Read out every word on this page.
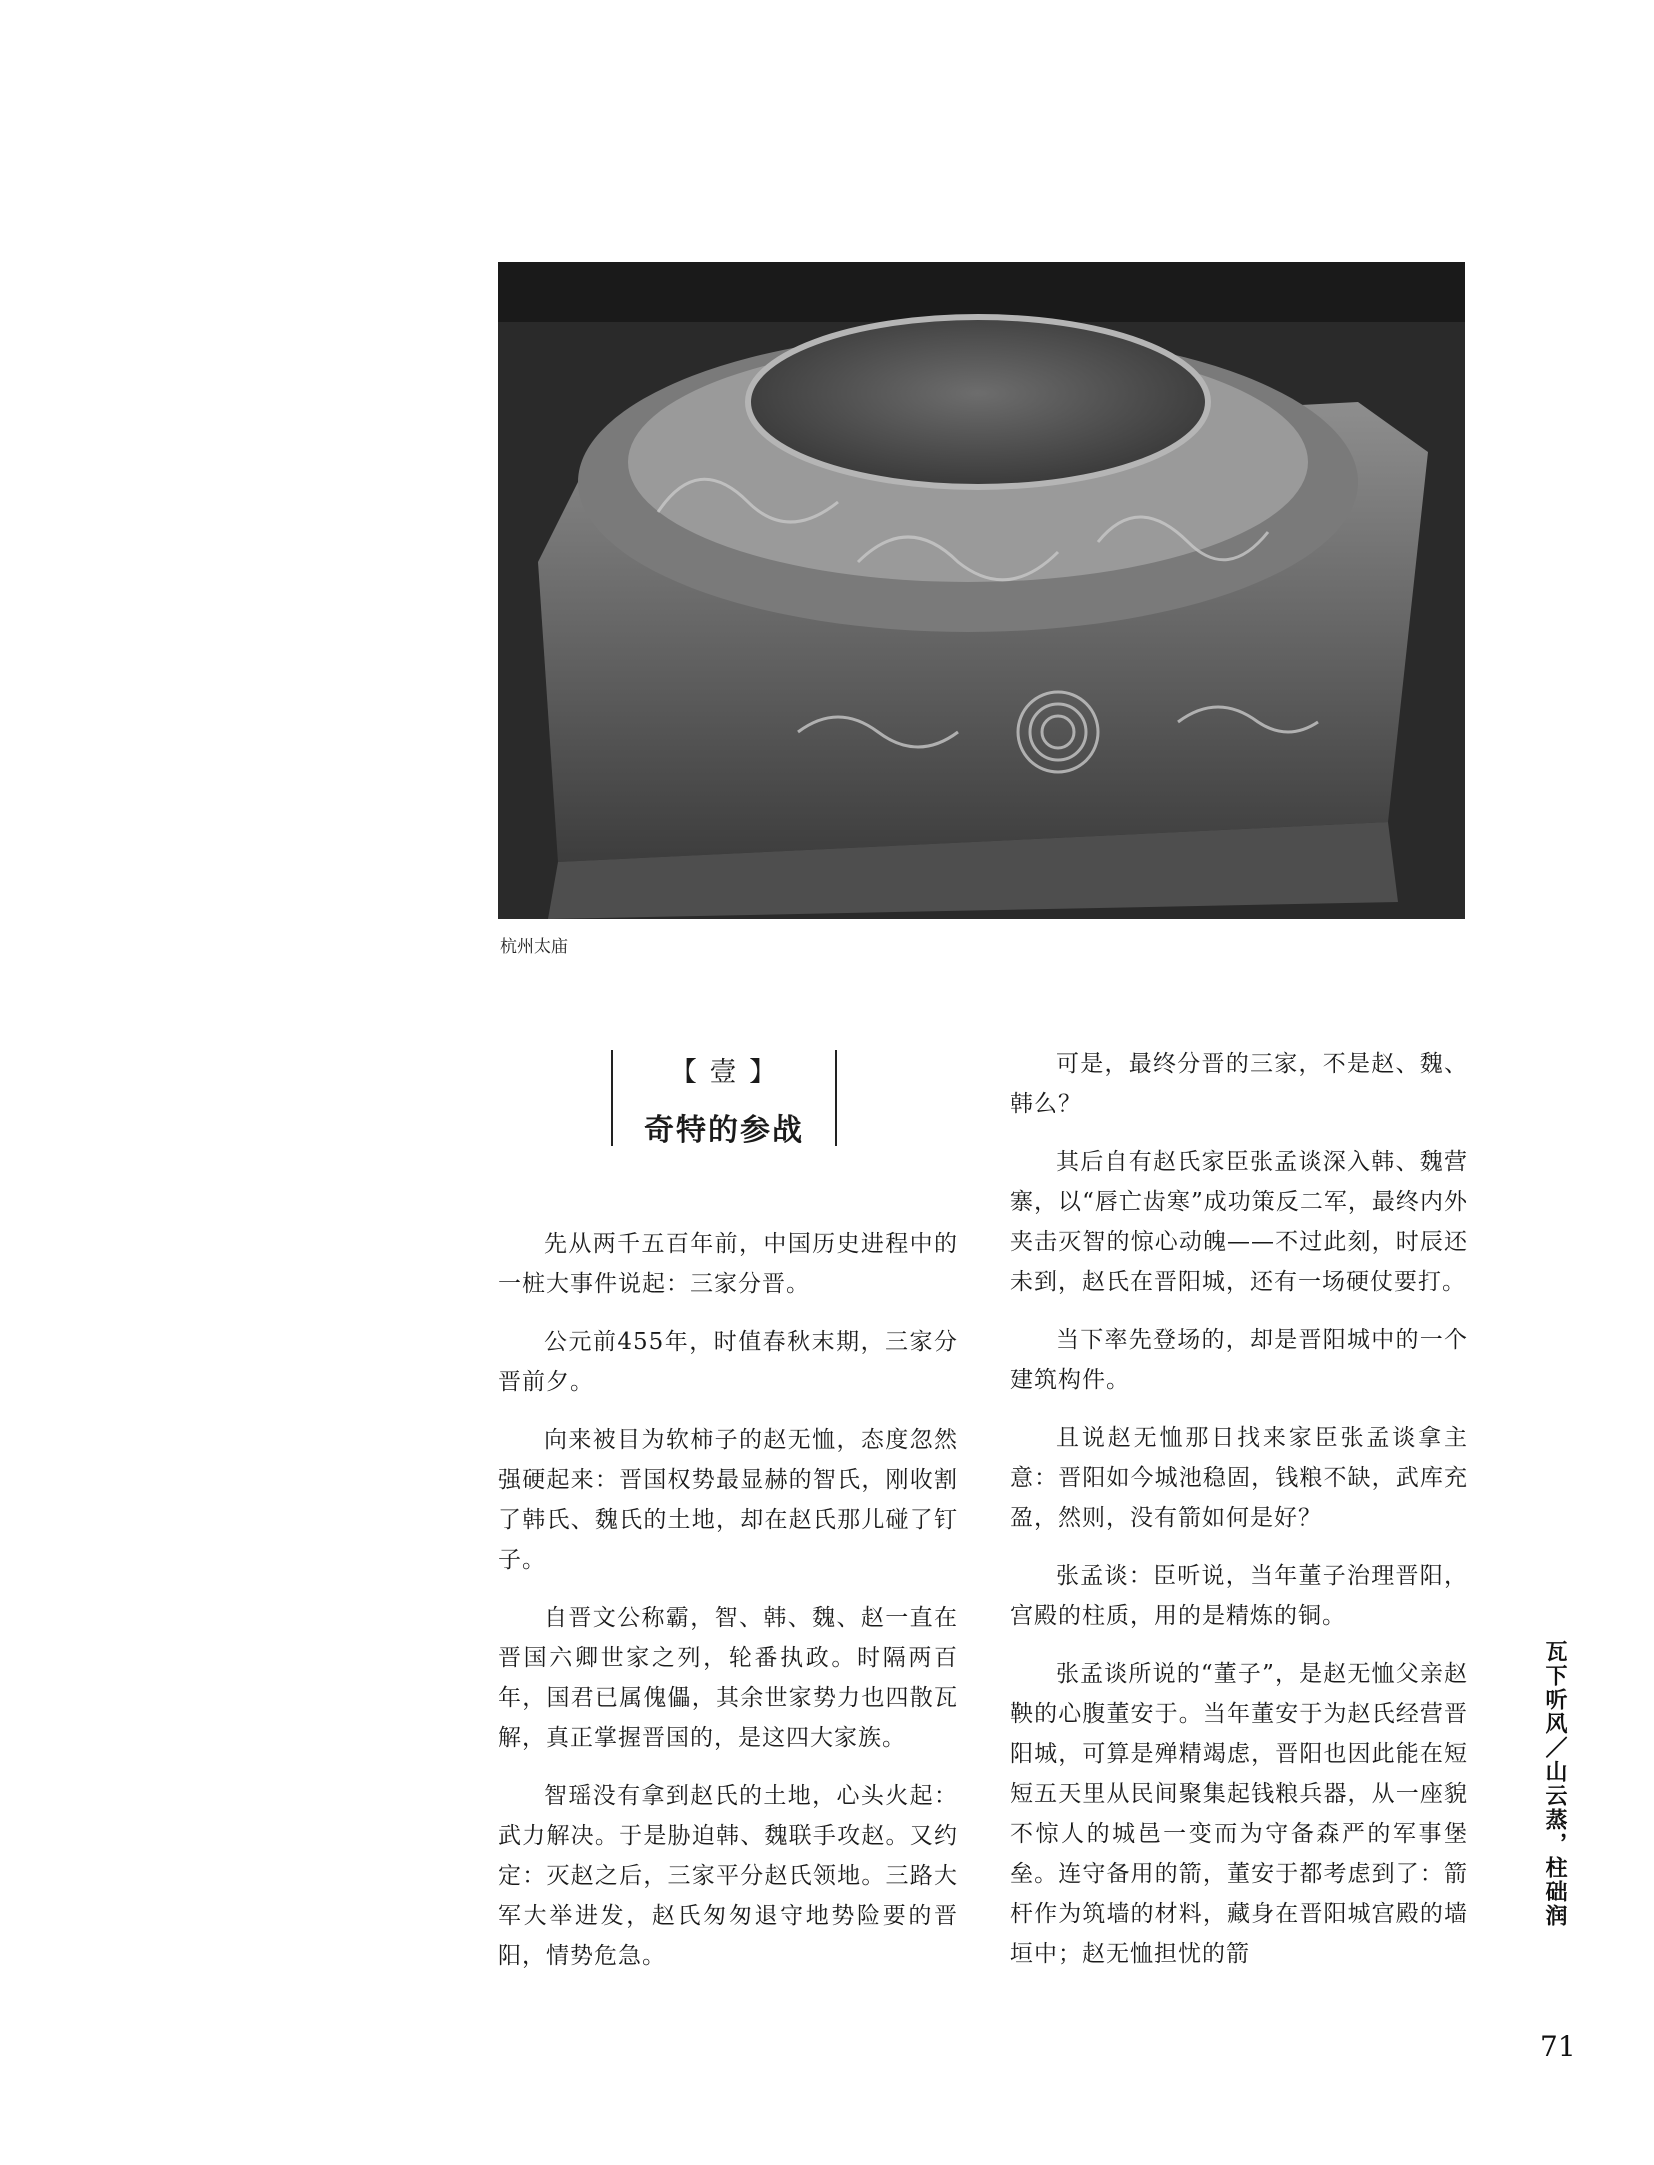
杭州太庙
【 壹 】
奇特的参战

先从两千五百年前，中国历史进程中的一桩大事件说起：三家分晋。

公元前455年，时值春秋末期，三家分晋前夕。

向来被目为软柿子的赵无恤，态度忽然强硬起来：晋国权势最显赫的智氏，刚收割了韩氏、魏氏的土地，却在赵氏那儿碰了钉子。

自晋文公称霸，智、韩、魏、赵一直在晋国六卿世家之列，轮番执政。时隔两百年，国君已属傀儡，其余世家势力也四散瓦解，真正掌握晋国的，是这四大家族。

智瑶没有拿到赵氏的土地，心头火起：武力解决。于是胁迫韩、魏联手攻赵。又约定：灭赵之后，三家平分赵氏领地。三路大军大举进发，赵氏匆匆退守地势险要的晋阳，情势危急。

可是，最终分晋的三家，不是赵、魏、韩么？

其后自有赵氏家臣张孟谈深入韩、魏营寨，以“唇亡齿寒”成功策反二军，最终内外夹击灭智的惊心动魄——不过此刻，时辰还未到，赵氏在晋阳城，还有一场硬仗要打。

当下率先登场的，却是晋阳城中的一个建筑构件。

且说赵无恤那日找来家臣张孟谈拿主意：晋阳如今城池稳固，钱粮不缺，武库充盈，然则，没有箭如何是好？

张孟谈：臣听说，当年董子治理晋阳，宫殿的柱质，用的是精炼的铜。

张孟谈所说的“董子”，是赵无恤父亲赵鞅的心腹董安于。当年董安于为赵氏经营晋阳城，可算是殚精竭虑，晋阳也因此能在短短五天里从民间聚集起钱粮兵器，从一座貌不惊人的城邑一变而为守备森严的军事堡垒。连守备用的箭，董安于都考虑到了：箭杆作为筑墙的材料，藏身在晋阳城宫殿的墙垣中；赵无恤担忧的箭

瓦下听风／山云蒸，柱础润
71
